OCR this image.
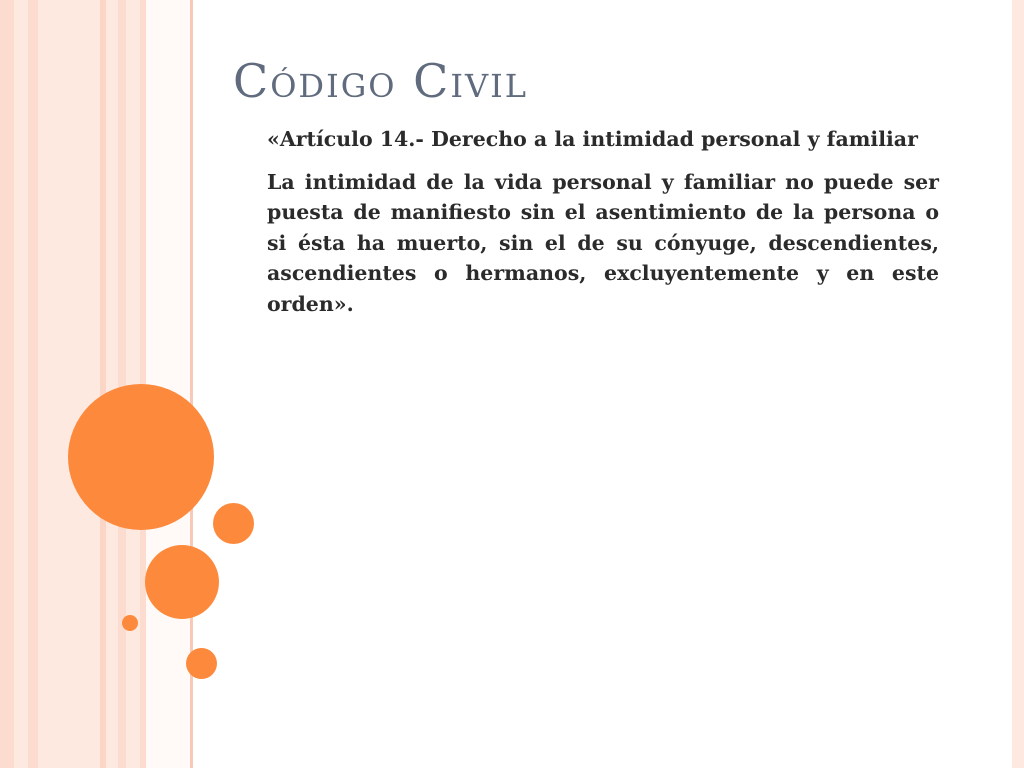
Código Civil

«Artículo 14.- Derecho a la intimidad personal y familiar

La intimidad de la vida personal y familiar no puede ser puesta de manifiesto sin el asentimiento de la persona o si ésta ha muerto, sin el de su cónyuge, descendientes, ascendientes o hermanos, excluyentemente y en este orden».
